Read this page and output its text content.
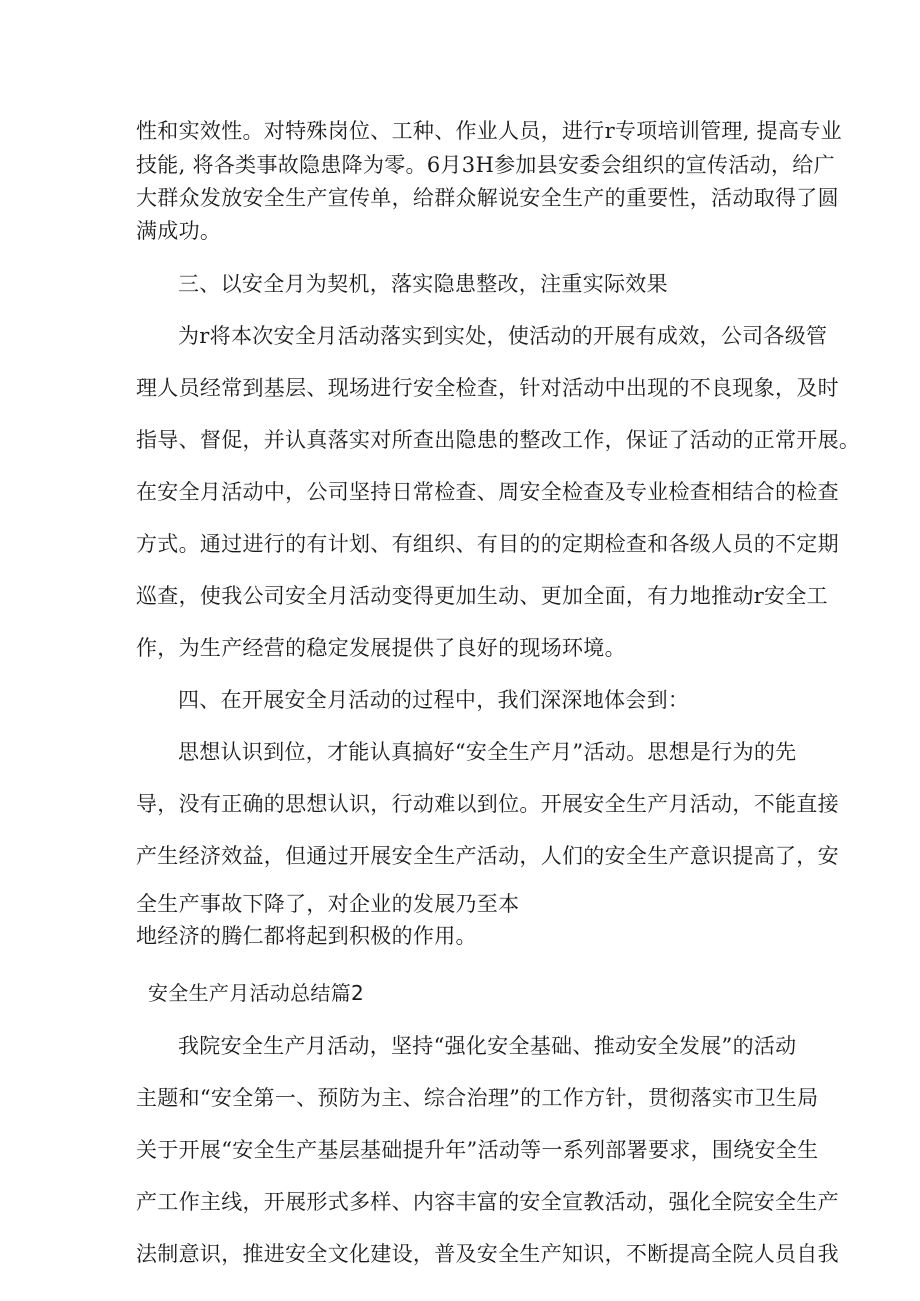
性和实效性。对特殊岗位、工种、作业人员，进行r专项培训管理, 提高专业
技能, 将各类事故隐患降为零。6月3H参加县安委会组织的宣传活动，给广
大群众发放安全生产宣传单，给群众解说安全生产的重要性，活动取得了圆
满成功。
三、以安全月为契机，落实隐患整改，注重实际效果
为r将本次安全月活动落实到实处，使活动的开展有成效，公司各级管
理人员经常到基层、现场进行安全检查，针对活动中出现的不良现象，及时
指导、督促，并认真落实对所查出隐患的整改工作，保证了活动的正常开展。
在安全月活动中，公司坚持日常检查、周安全检查及专业检查相结合的检查
方式。通过进行的有计划、有组织、有目的的定期检查和各级人员的不定期
巡查，使我公司安全月活动变得更加生动、更加全面，有力地推动r安全工
作，为生产经营的稳定发展提供了良好的现场环境。
四、在开展安全月活动的过程中，我们深深地体会到：
思想认识到位，才能认真搞好“安全生产月”活动。思想是行为的先
导，没有正确的思想认识，行动难以到位。开展安全生产月活动，不能直接
产生经济效益，但通过开展安全生产活动，人们的安全生产意识提高了，安
全生产事故下降了，对企业的发展乃至本
地经济的腾仁都将起到积极的作用。
安全生产月活动总结篇2
我院安全生产月活动，坚持“强化安全基础、推动安全发展”的活动
主题和“安全第一、预防为主、综合治理”的工作方针，贯彻落实市卫生局
关于开展“安全生产基层基础提升年”活动等一系列部署要求，围绕安全生
产工作主线，开展形式多样、内容丰富的安全宣教活动，强化全院安全生产
法制意识，推进安全文化建设，普及安全生产知识，不断提高全院人员自我
